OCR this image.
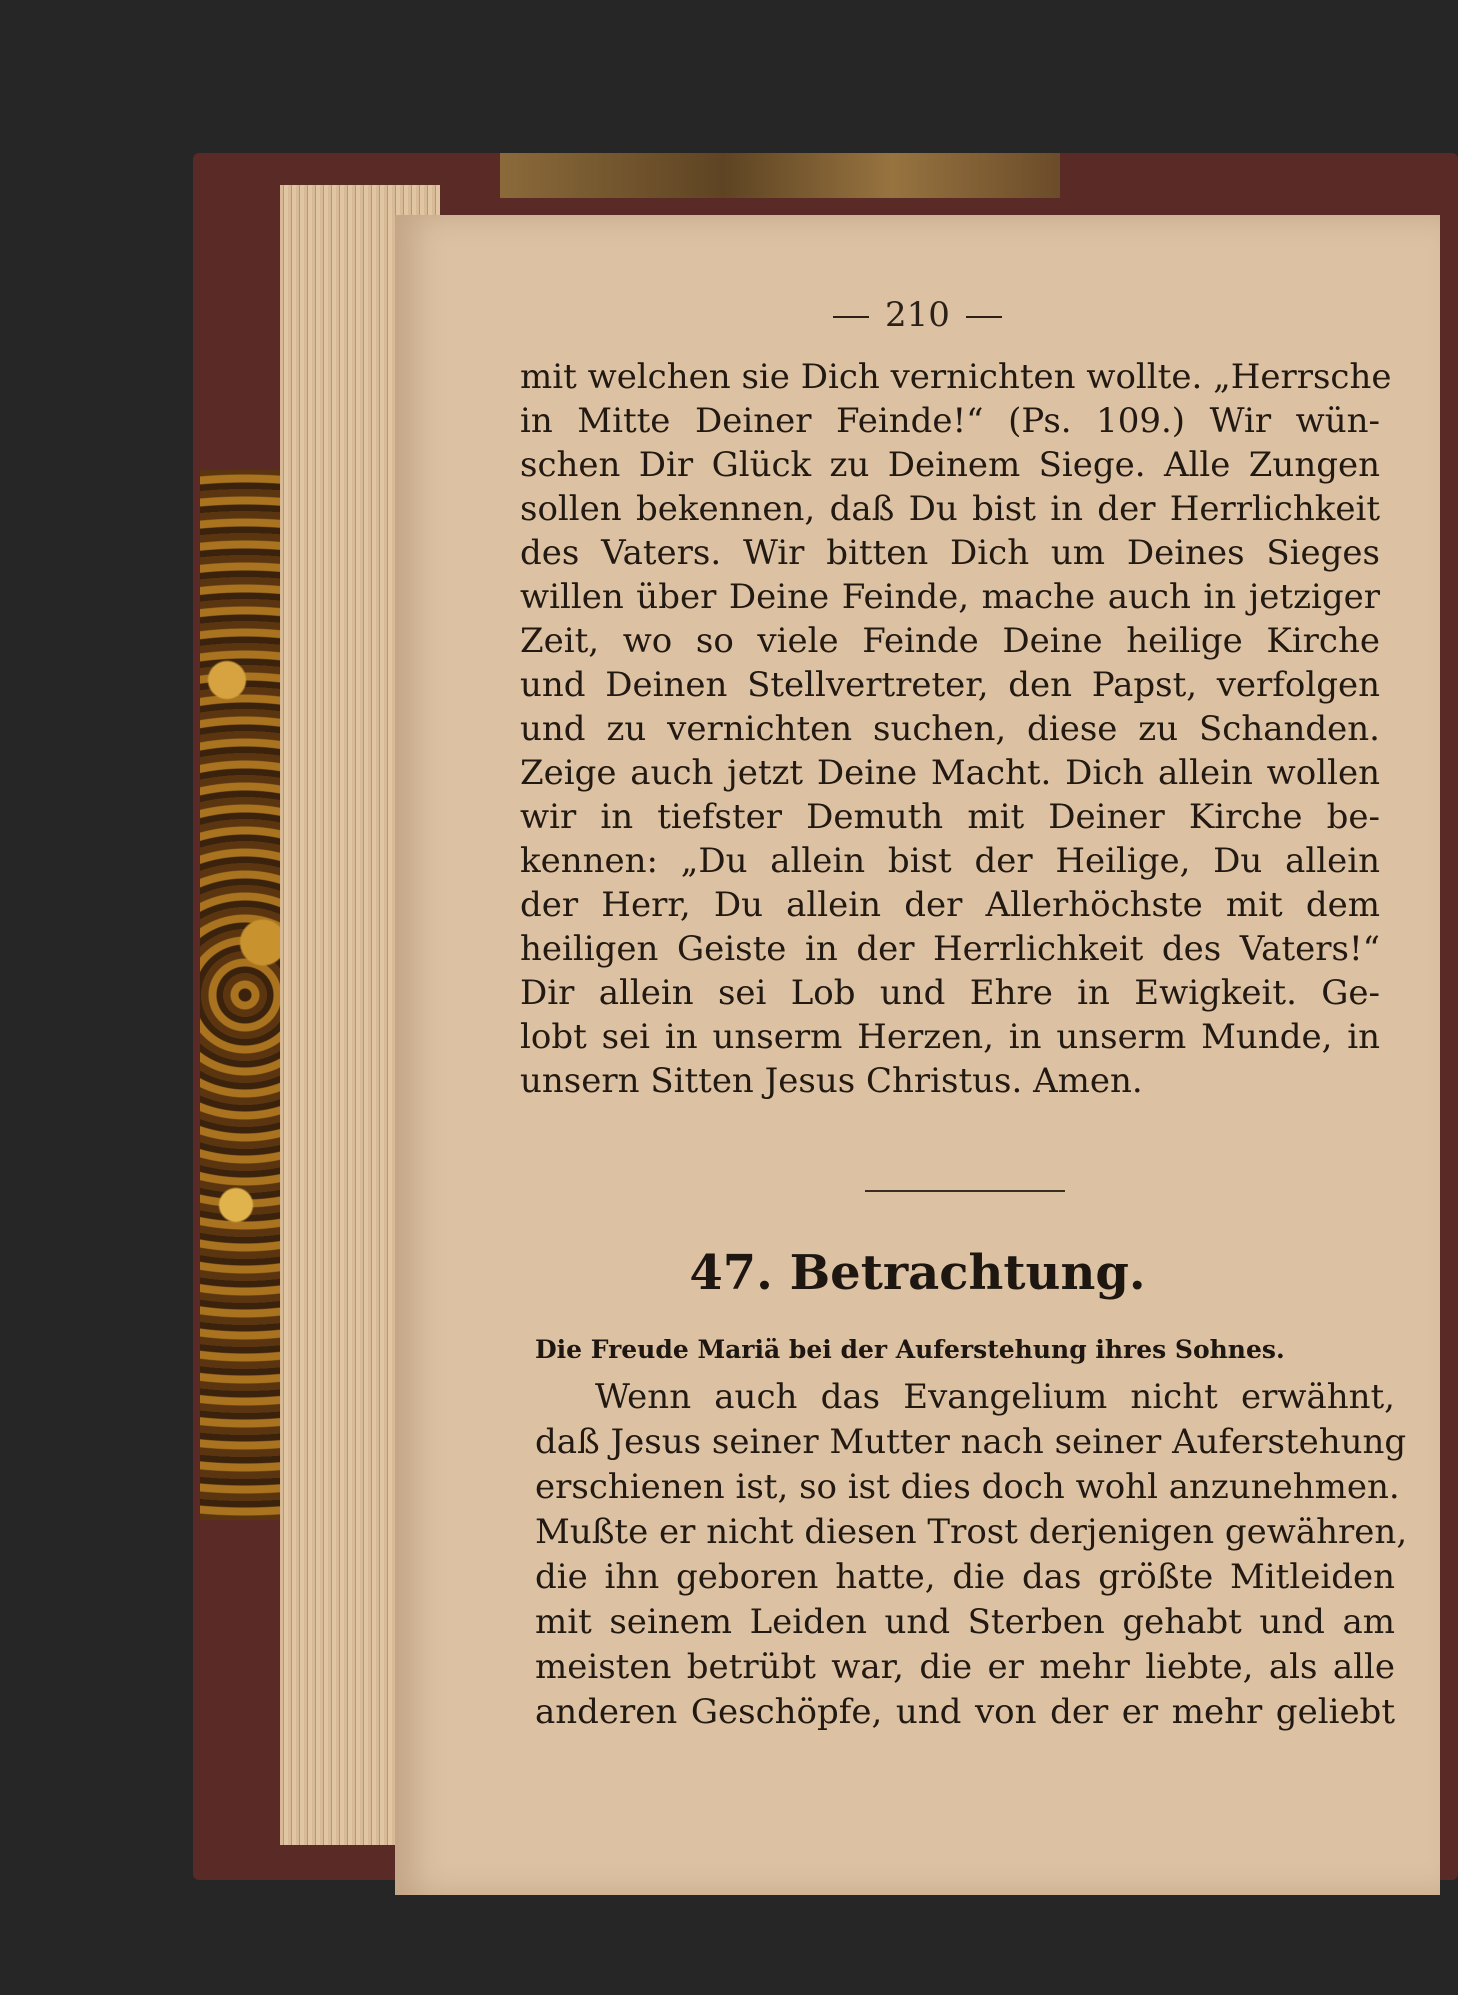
210
mit welchen sie Dich vernichten wollte. „Herrsche
in Mitte Deiner Feinde!“ (Ps. 109.) Wir wün-
schen Dir Glück zu Deinem Siege. Alle Zungen
sollen bekennen, daß Du bist in der Herrlichkeit
des Vaters. Wir bitten Dich um Deines Sieges
willen über Deine Feinde, mache auch in jetziger
Zeit, wo so viele Feinde Deine heilige Kirche
und Deinen Stellvertreter, den Papst, verfolgen
und zu vernichten suchen, diese zu Schanden.
Zeige auch jetzt Deine Macht. Dich allein wollen
wir in tiefster Demuth mit Deiner Kirche be-
kennen: „Du allein bist der Heilige, Du allein
der Herr, Du allein der Allerhöchste mit dem
heiligen Geiste in der Herrlichkeit des Vaters!“
Dir allein sei Lob und Ehre in Ewigkeit. Ge-
lobt sei in unserm Herzen, in unserm Munde, in
unsern Sitten Jesus Christus. Amen.
47. Betrachtung.
Die Freude Mariä bei der Auferstehung ihres Sohnes.
Wenn auch das Evangelium nicht erwähnt,
daß Jesus seiner Mutter nach seiner Auferstehung
erschienen ist, so ist dies doch wohl anzunehmen.
Mußte er nicht diesen Trost derjenigen gewähren,
die ihn geboren hatte, die das größte Mitleiden
mit seinem Leiden und Sterben gehabt und am
meisten betrübt war, die er mehr liebte, als alle
anderen Geschöpfe, und von der er mehr geliebt
